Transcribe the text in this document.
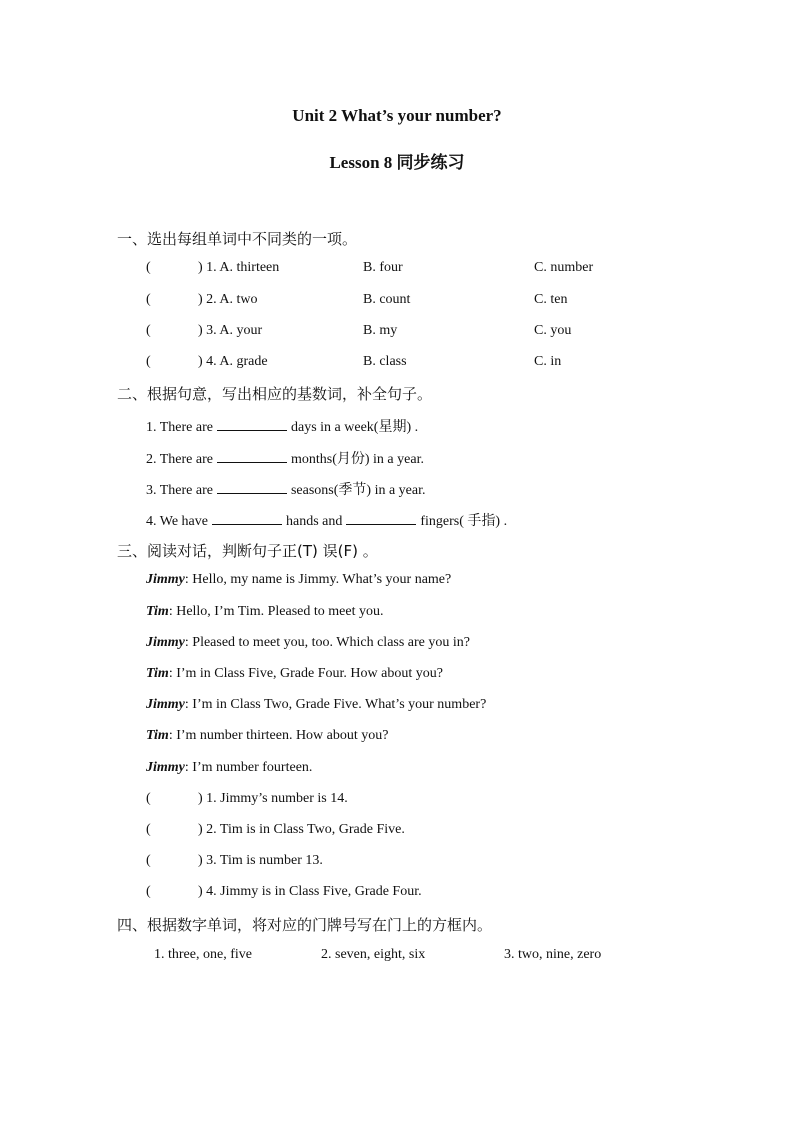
Unit 2 What’s your number?
Lesson 8 同步练习
一、选出每组单词中不同类的一项。
(	) 1. A. thirteen	B. four	C. number
(	) 2. A. two	B. count	C. ten
(	) 3. A. your	B. my	C. you
(	) 4. A. grade	B. class	C. in
二、根据句意，写出相应的基数词，补全句子。
1. There are	days in a week(星期) .
2. There are	months(月份) in a year.
3. There are	seasons(季节) in a year.
4. We have	hands and	fingers( 手指) .
三、阅读对话，判断句子正(T) 误(F) 。
Jimmy: Hello, my name is Jimmy. What’s your name?
Tim: Hello, I’m Tim. Pleased to meet you.
Jimmy: Pleased to meet you, too. Which class are you in?
Tim: I’m in Class Five, Grade Four. How about you?
Jimmy: I’m in Class Two, Grade Five. What’s your number?
Tim: I’m number thirteen. How about you?
Jimmy: I’m number fourteen.
(	) 1. Jimmy’s number is 14.
(	) 2. Tim is in Class Two, Grade Five.
(	) 3. Tim is number 13.
(	) 4. Jimmy is in Class Five, Grade Four.
四、根据数字单词，将对应的门牌号写在门上的方框内。
1. three, one, five	2. seven, eight, six	3. two, nine, zero
